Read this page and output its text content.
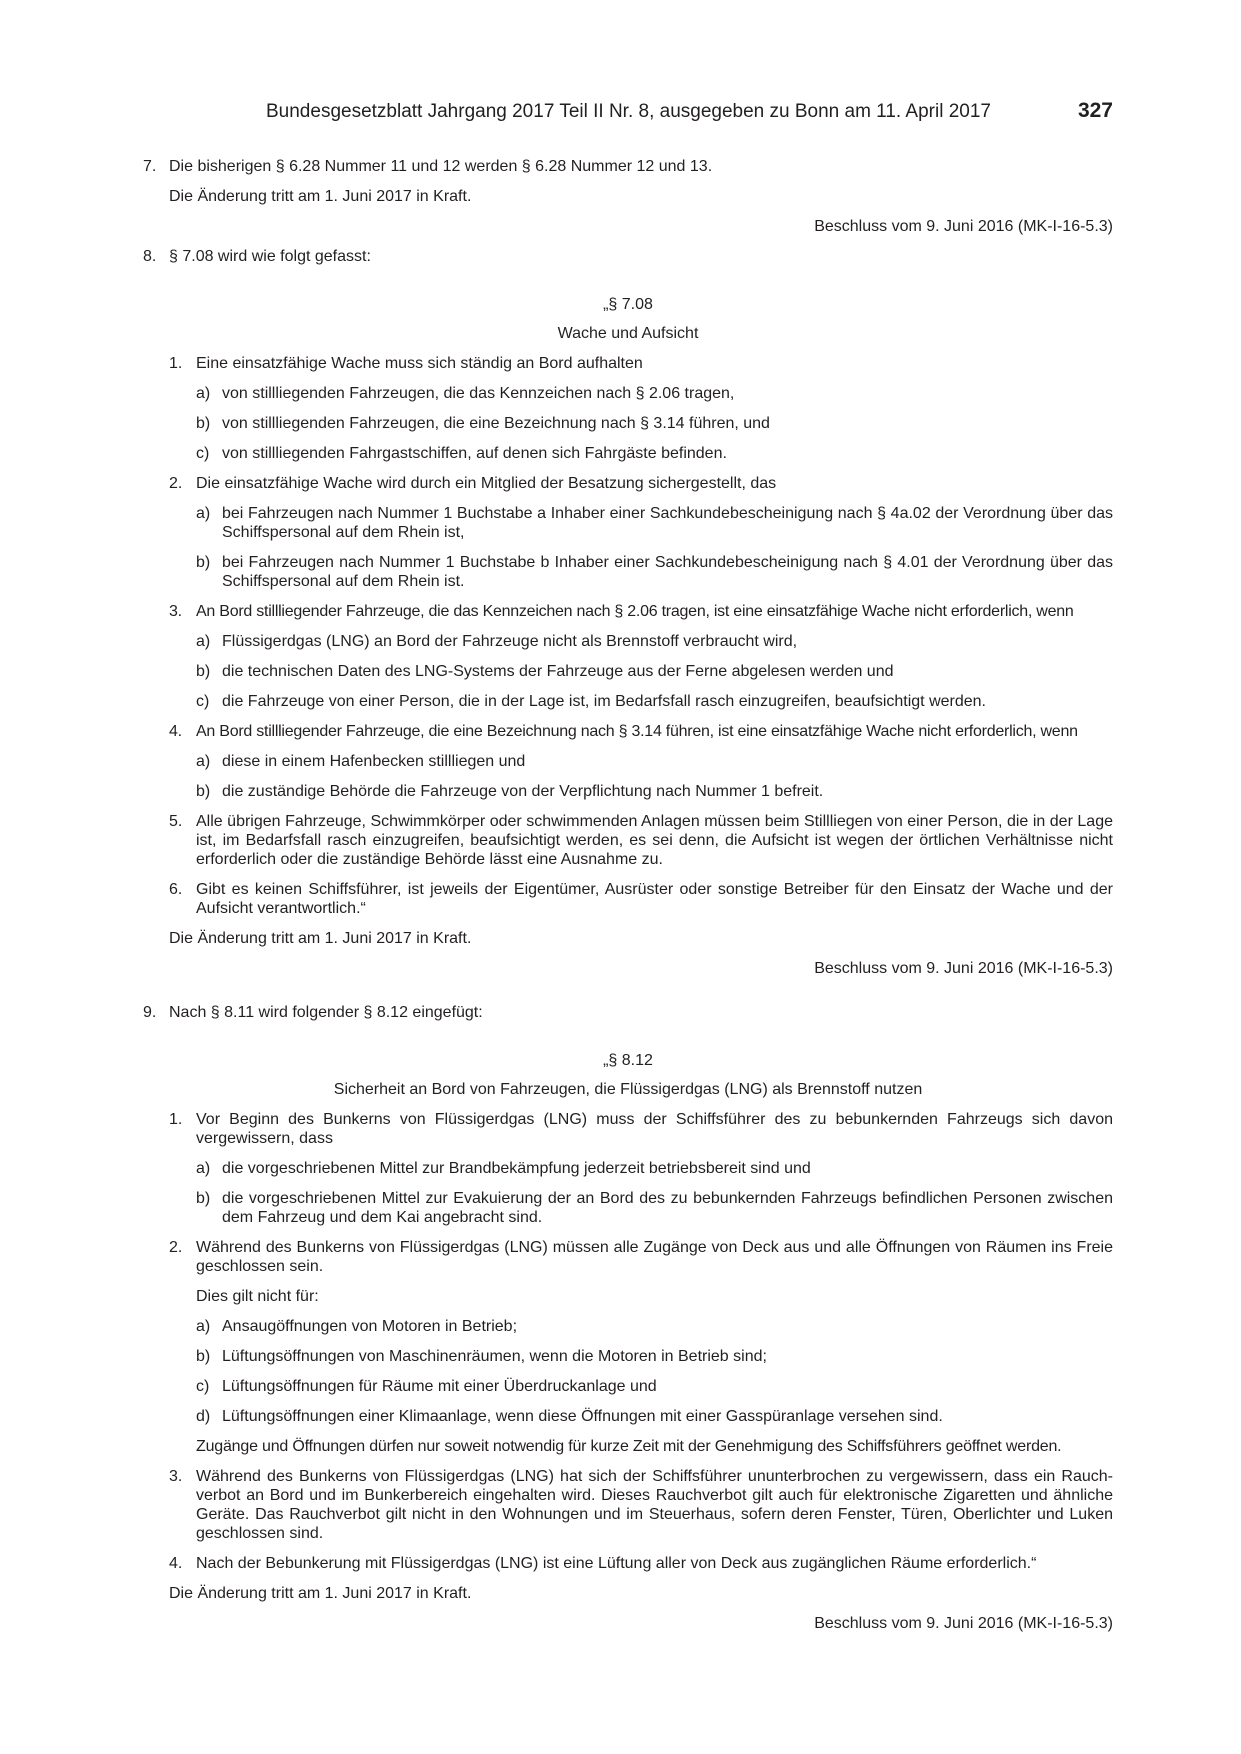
Bundesgesetzblatt Jahrgang 2017 Teil II Nr. 8, ausgegeben zu Bonn am 11. April 2017	327
7. Die bisherigen § 6.28 Nummer 11 und 12 werden § 6.28 Nummer 12 und 13.
Die Änderung tritt am 1. Juni 2017 in Kraft.
Beschluss vom 9. Juni 2016 (MK-I-16-5.3)
8. § 7.08 wird wie folgt gefasst:
„§ 7.08
Wache und Aufsicht
1. Eine einsatzfähige Wache muss sich ständig an Bord aufhalten
a) von stillliegenden Fahrzeugen, die das Kennzeichen nach § 2.06 tragen,
b) von stillliegenden Fahrzeugen, die eine Bezeichnung nach § 3.14 führen, und
c) von stillliegenden Fahrgastschiffen, auf denen sich Fahrgäste befinden.
2. Die einsatzfähige Wache wird durch ein Mitglied der Besatzung sichergestellt, das
a) bei Fahrzeugen nach Nummer 1 Buchstabe a Inhaber einer Sachkundebescheinigung nach § 4a.02 der Verordnung über das Schiffspersonal auf dem Rhein ist,
b) bei Fahrzeugen nach Nummer 1 Buchstabe b Inhaber einer Sachkundebescheinigung nach § 4.01 der Verordnung über das Schiffspersonal auf dem Rhein ist.
3. An Bord stillliegender Fahrzeuge, die das Kennzeichen nach § 2.06 tragen, ist eine einsatzfähige Wache nicht erforderlich, wenn
a) Flüssigerdgas (LNG) an Bord der Fahrzeuge nicht als Brennstoff verbraucht wird,
b) die technischen Daten des LNG-Systems der Fahrzeuge aus der Ferne abgelesen werden und
c) die Fahrzeuge von einer Person, die in der Lage ist, im Bedarfsfall rasch einzugreifen, beaufsichtigt werden.
4. An Bord stillliegender Fahrzeuge, die eine Bezeichnung nach § 3.14 führen, ist eine einsatzfähige Wache nicht erforderlich, wenn
a) diese in einem Hafenbecken stillliegen und
b) die zuständige Behörde die Fahrzeuge von der Verpflichtung nach Nummer 1 befreit.
5. Alle übrigen Fahrzeuge, Schwimmkörper oder schwimmenden Anlagen müssen beim Stillliegen von einer Person, die in der Lage ist, im Bedarfsfall rasch einzugreifen, beaufsichtigt werden, es sei denn, die Aufsicht ist wegen der örtlichen Verhältnisse nicht erforderlich oder die zuständige Behörde lässt eine Ausnahme zu.
6. Gibt es keinen Schiffsführer, ist jeweils der Eigentümer, Ausrüster oder sonstige Betreiber für den Einsatz der Wache und der Aufsicht verantwortlich.“
Die Änderung tritt am 1. Juni 2017 in Kraft.
Beschluss vom 9. Juni 2016 (MK-I-16-5.3)
9. Nach § 8.11 wird folgender § 8.12 eingefügt:
„§ 8.12
Sicherheit an Bord von Fahrzeugen, die Flüssigerdgas (LNG) als Brennstoff nutzen
1. Vor Beginn des Bunkerns von Flüssigerdgas (LNG) muss der Schiffsführer des zu bebunkernden Fahrzeugs sich davon vergewissern, dass
a) die vorgeschriebenen Mittel zur Brandbekämpfung jederzeit betriebsbereit sind und
b) die vorgeschriebenen Mittel zur Evakuierung der an Bord des zu bebunkernden Fahrzeugs befindlichen Personen zwischen dem Fahrzeug und dem Kai angebracht sind.
2. Während des Bunkerns von Flüssigerdgas (LNG) müssen alle Zugänge von Deck aus und alle Öffnungen von Räumen ins Freie geschlossen sein.
Dies gilt nicht für:
a) Ansaugöffnungen von Motoren in Betrieb;
b) Lüftungsöffnungen von Maschinenräumen, wenn die Motoren in Betrieb sind;
c) Lüftungsöffnungen für Räume mit einer Überdruckanlage und
d) Lüftungsöffnungen einer Klimaanlage, wenn diese Öffnungen mit einer Gasspüranlage versehen sind.
Zugänge und Öffnungen dürfen nur soweit notwendig für kurze Zeit mit der Genehmigung des Schiffsführers geöffnet werden.
3. Während des Bunkerns von Flüssigerdgas (LNG) hat sich der Schiffsführer ununterbrochen zu vergewissern, dass ein Rauch-verbot an Bord und im Bunkerbereich eingehalten wird. Dieses Rauchverbot gilt auch für elektronische Zigaretten und ähnliche Geräte. Das Rauchverbot gilt nicht in den Wohnungen und im Steuerhaus, sofern deren Fenster, Türen, Oberlichter und Luken geschlossen sind.
4. Nach der Bebunkerung mit Flüssigerdgas (LNG) ist eine Lüftung aller von Deck aus zugänglichen Räume erforderlich.“
Die Änderung tritt am 1. Juni 2017 in Kraft.
Beschluss vom 9. Juni 2016 (MK-I-16-5.3)
